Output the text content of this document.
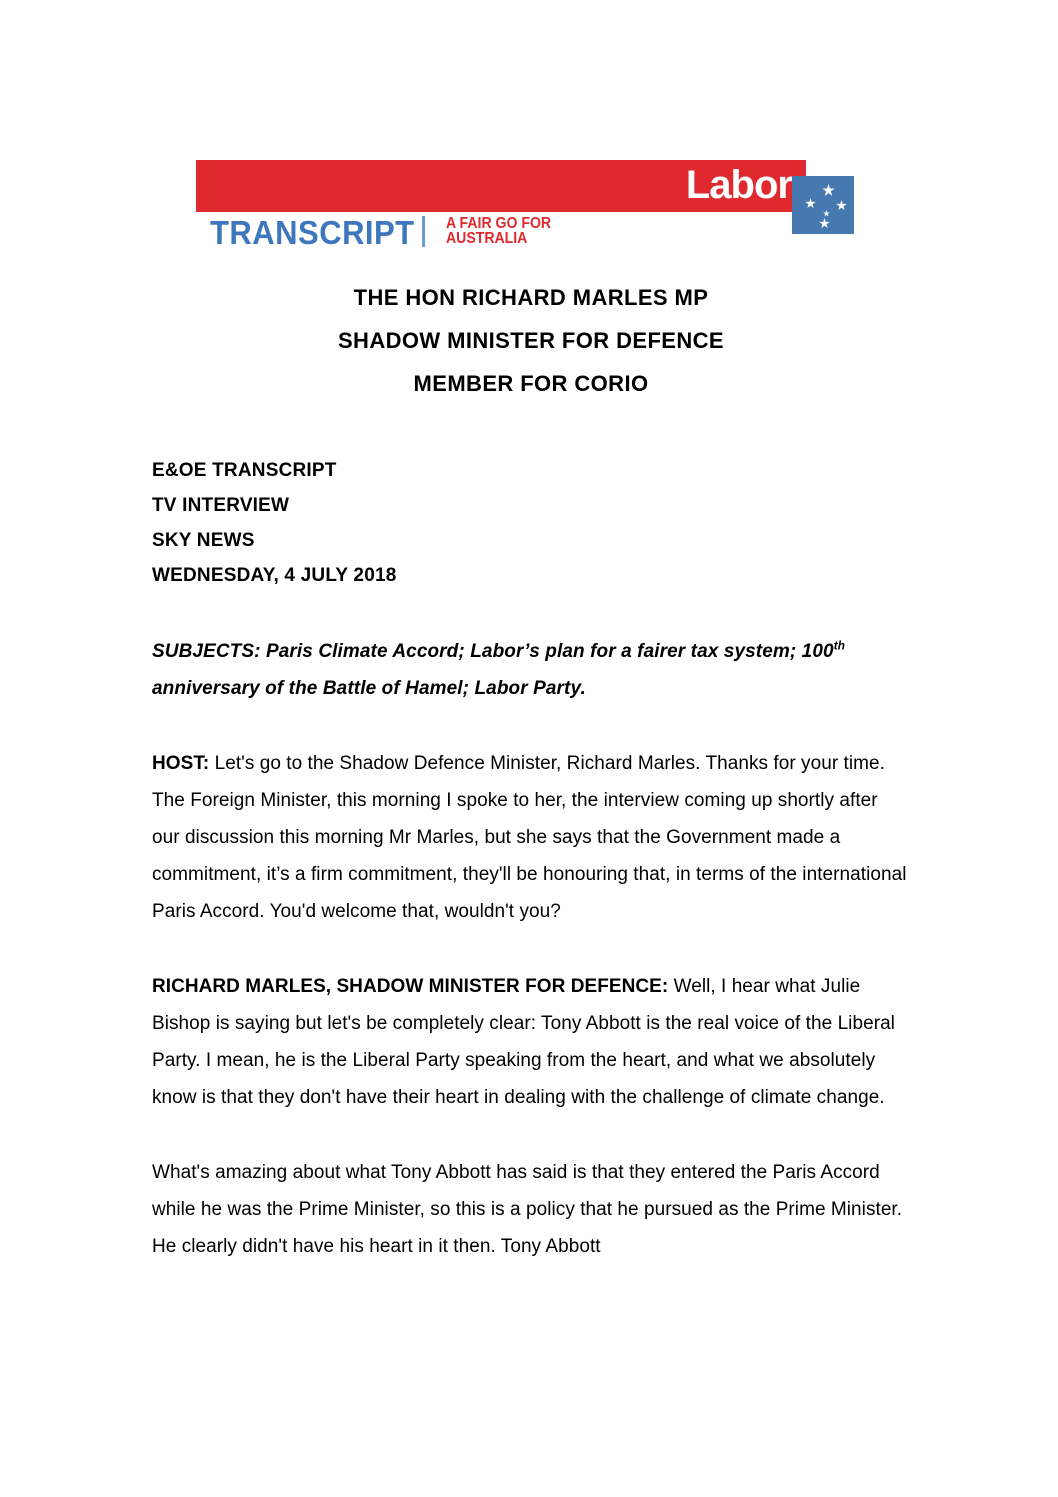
Labor
TRANSCRIPT A FAIR GO FOR
AUSTRALIA
THE HON RICHARD MARLES MP
SHADOW MINISTER FOR DEFENCE
MEMBER FOR CORIO
E&OE TRANSCRIPT
TV INTERVIEW
SKY NEWS
WEDNESDAY, 4 JULY 2018
SUBJECTS: Paris Climate Accord; Labor’s plan for a fairer tax system; 100th anniversary of the Battle of Hamel; Labor Party.
HOST: Let's go to the Shadow Defence Minister, Richard Marles. Thanks for your time. The Foreign Minister, this morning I spoke to her, the interview coming up shortly after our discussion this morning Mr Marles, but she says that the Government made a commitment, it’s a firm commitment, they'll be honouring that, in terms of the international Paris Accord. You'd welcome that, wouldn't you?
RICHARD MARLES, SHADOW MINISTER FOR DEFENCE: Well, I hear what Julie Bishop is saying but let's be completely clear: Tony Abbott is the real voice of the Liberal Party. I mean, he is the Liberal Party speaking from the heart, and what we absolutely know is that they don't have their heart in dealing with the challenge of climate change.
What's amazing about what Tony Abbott has said is that they entered the Paris Accord while he was the Prime Minister, so this is a policy that he pursued as the Prime Minister. He clearly didn't have his heart in it then. Tony Abbott
